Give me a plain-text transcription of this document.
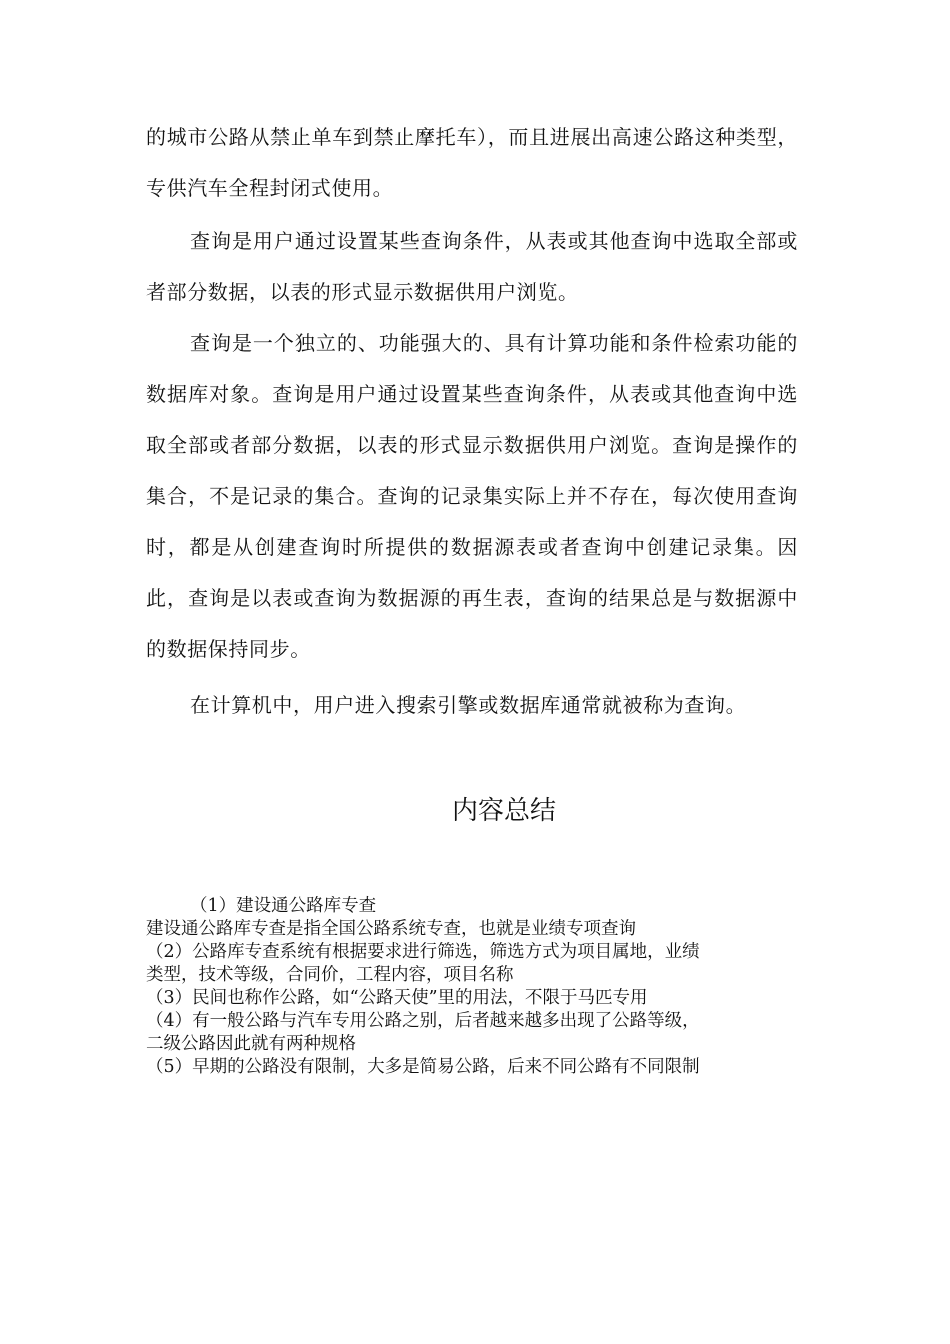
的城市公路从禁止单车到禁止摩托车），而且进展出高速公路这种类型，专供汽车全程封闭式使用。

查询是用户通过设置某些查询条件，从表或其他查询中选取全部或者部分数据，以表的形式显示数据供用户浏览。

查询是一个独立的、功能强大的、具有计算功能和条件检索功能的数据库对象。查询是用户通过设置某些查询条件，从表或其他查询中选取全部或者部分数据，以表的形式显示数据供用户浏览。查询是操作的集合，不是记录的集合。查询的记录集实际上并不存在，每次使用查询时，都是从创建查询时所提供的数据源表或者查询中创建记录集。因此，查询是以表或查询为数据源的再生表，查询的结果总是与数据源中的数据保持同步。

在计算机中，用户进入搜索引擎或数据库通常就被称为查询。

内容总结
（1）建设通公路库专查
建设通公路库专查是指全国公路系统专查，也就是业绩专项查询
（2）公路库专查系统有根据要求进行筛选，筛选方式为项目属地，业绩
类型，技术等级，合同价，工程内容，项目名称
（3）民间也称作公路，如“公路天使”里的用法，不限于马匹专用
（4）有一般公路与汽车专用公路之别，后者越来越多出现了公路等级，
二级公路因此就有两种规格
（5）早期的公路没有限制，大多是简易公路，后来不同公路有不同限制
